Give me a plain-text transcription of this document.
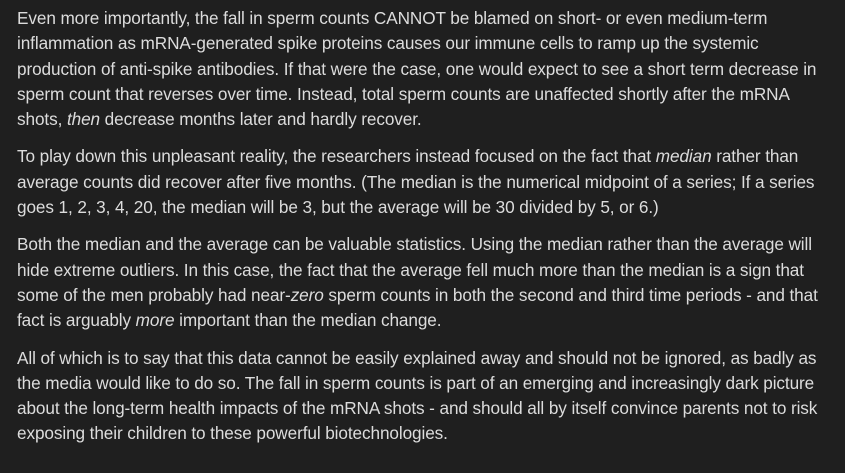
Even more importantly, the fall in sperm counts CANNOT be blamed on short- or even medium-term inflammation as mRNA-generated spike proteins causes our immune cells to ramp up the systemic production of anti-spike antibodies. If that were the case, one would expect to see a short term decrease in sperm count that reverses over time. Instead, total sperm counts are unaffected shortly after the mRNA shots, then decrease months later and hardly recover.

To play down this unpleasant reality, the researchers instead focused on the fact that median rather than average counts did recover after five months. (The median is the numerical midpoint of a series; If a series goes 1, 2, 3, 4, 20, the median will be 3, but the average will be 30 divided by 5, or 6.)

Both the median and the average can be valuable statistics. Using the median rather than the average will hide extreme outliers. In this case, the fact that the average fell much more than the median is a sign that some of the men probably had near-zero sperm counts in both the second and third time periods - and that fact is arguably more important than the median change.

All of which is to say that this data cannot be easily explained away and should not be ignored, as badly as the media would like to do so. The fall in sperm counts is part of an emerging and increasingly dark picture about the long-term health impacts of the mRNA shots - and should all by itself convince parents not to risk exposing their children to these powerful biotechnologies.
